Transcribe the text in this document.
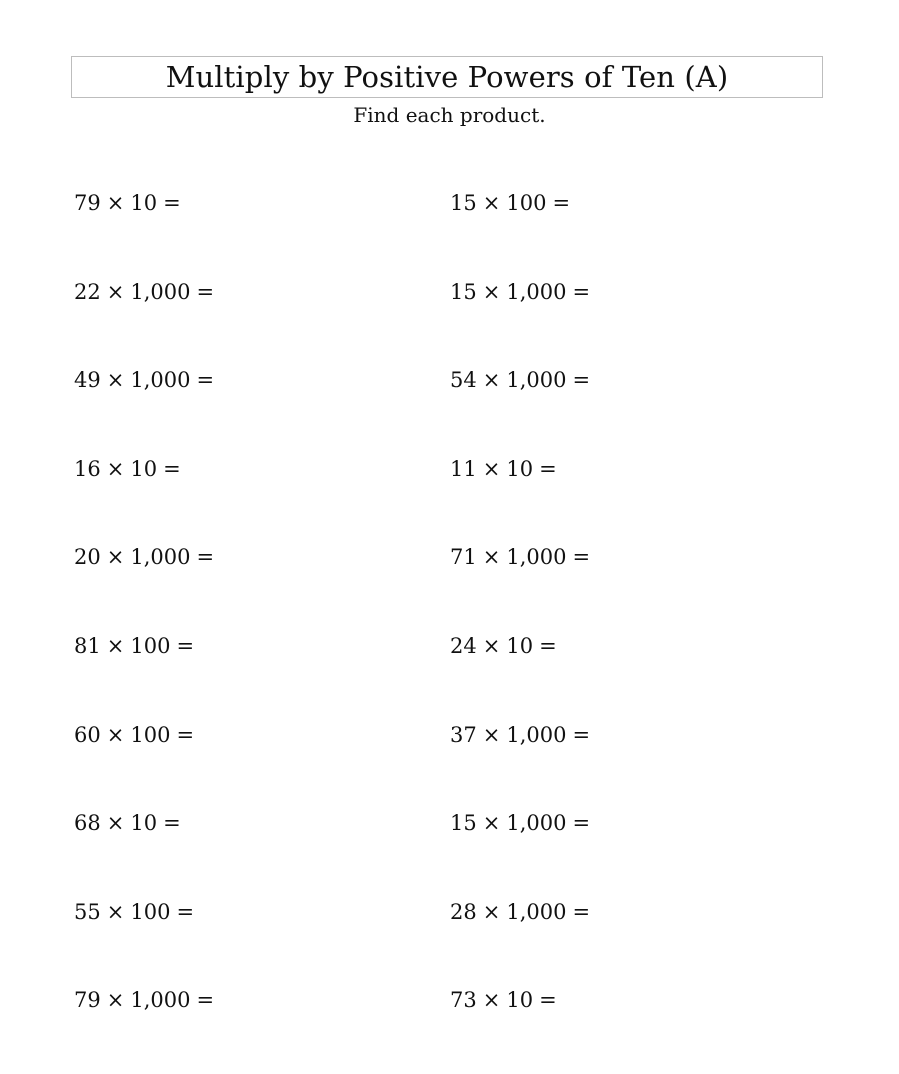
Multiply by Positive Powers of Ten (A)
Find each product.
79 × 10 =	15 × 100 =
22 × 1,000 =	15 × 1,000 =
49 × 1,000 =	54 × 1,000 =
16 × 10 =	11 × 10 =
20 × 1,000 =	71 × 1,000 =
81 × 100 =	24 × 10 =
60 × 100 =	37 × 1,000 =
68 × 10 =	15 × 1,000 =
55 × 100 =	28 × 1,000 =
79 × 1,000 =	73 × 10 =
